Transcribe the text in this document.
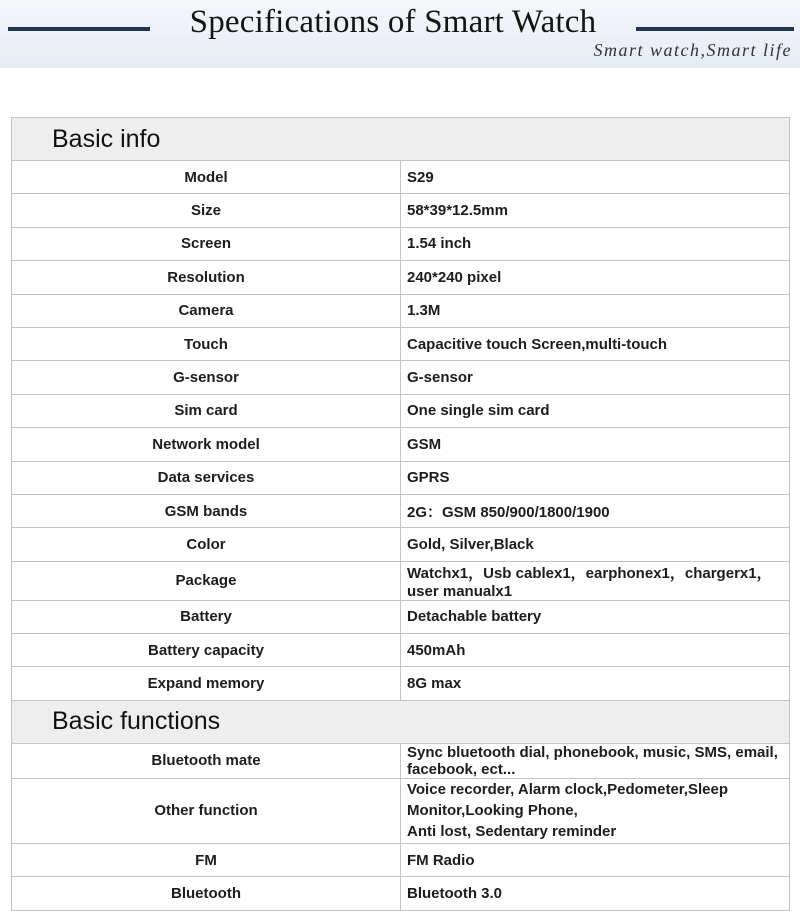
Specifications of Smart Watch
Smart watch,Smart life
Basic info	
Model	S29
Size	58*39*12.5mm
Screen	1.54 inch
Resolution	240*240 pixel
Camera	1.3M
Touch	Capacitive touch Screen,multi-touch
G-sensor	G-sensor
Sim card	One single sim card
Network model	GSM
Data services	GPRS
GSM bands	2G：GSM 850/900/1800/1900
Color	Gold, Silver,Black
Package	Watchx1，Usb cablex1，earphonex1，chargerx1，user manualx1
Battery	Detachable battery
Battery capacity	450mAh
Expand memory	8G max
Basic functions	
Bluetooth mate	Sync bluetooth dial, phonebook, music, SMS, email, facebook, ect...
Other function	Voice recorder, Alarm clock,Pedometer,Sleep Monitor,Looking Phone,
Anti lost, Sedentary reminder

FM	FM Radio
Bluetooth	Bluetooth 3.0
